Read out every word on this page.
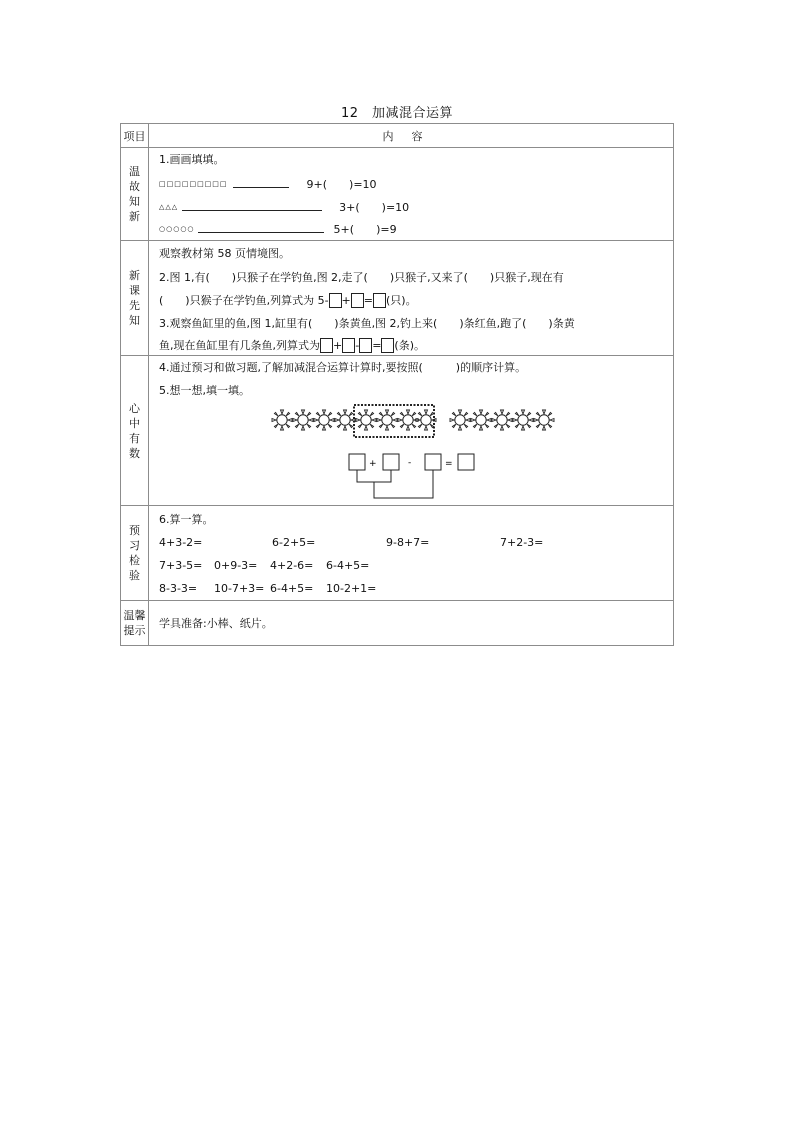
12　加减混合运算
项目	内容
温故知新
1.画画填填。
□□□□□□□□□	9+( )=10
△△△	3+( )=10
○○○○○	5+( )=9
新课先知
观察教材第 58 页情境图。
2.图 1,有(　　)只猴子在学钓鱼,图 2,走了(　　)只猴子,又来了(　　)只猴子,现在有
(　　)只猴子在学钓鱼,列算式为 5- + = (只)。
3.观察鱼缸里的鱼,图 1,缸里有(　　)条黄鱼,图 2,钓上来(　　)条红鱼,跑了(　　)条黄
鱼,现在鱼缸里有几条鱼,列算式为 + - = (条)。
心中有数
4.通过预习和做习题,了解加减混合运算计算时,要按照(　　　)的顺序计算。
5.想一想,填一填。
+	-	=
预习检验
6.算一算。
4+3-2=	6-2+5=	9-8+7=	7+2-3=
7+3-5= 0+9-3= 4+2-6= 6-4+5=
8-3-3= 10-7+3= 6-4+5= 10-2+1=
温馨提示
学具准备:小棒、纸片。
